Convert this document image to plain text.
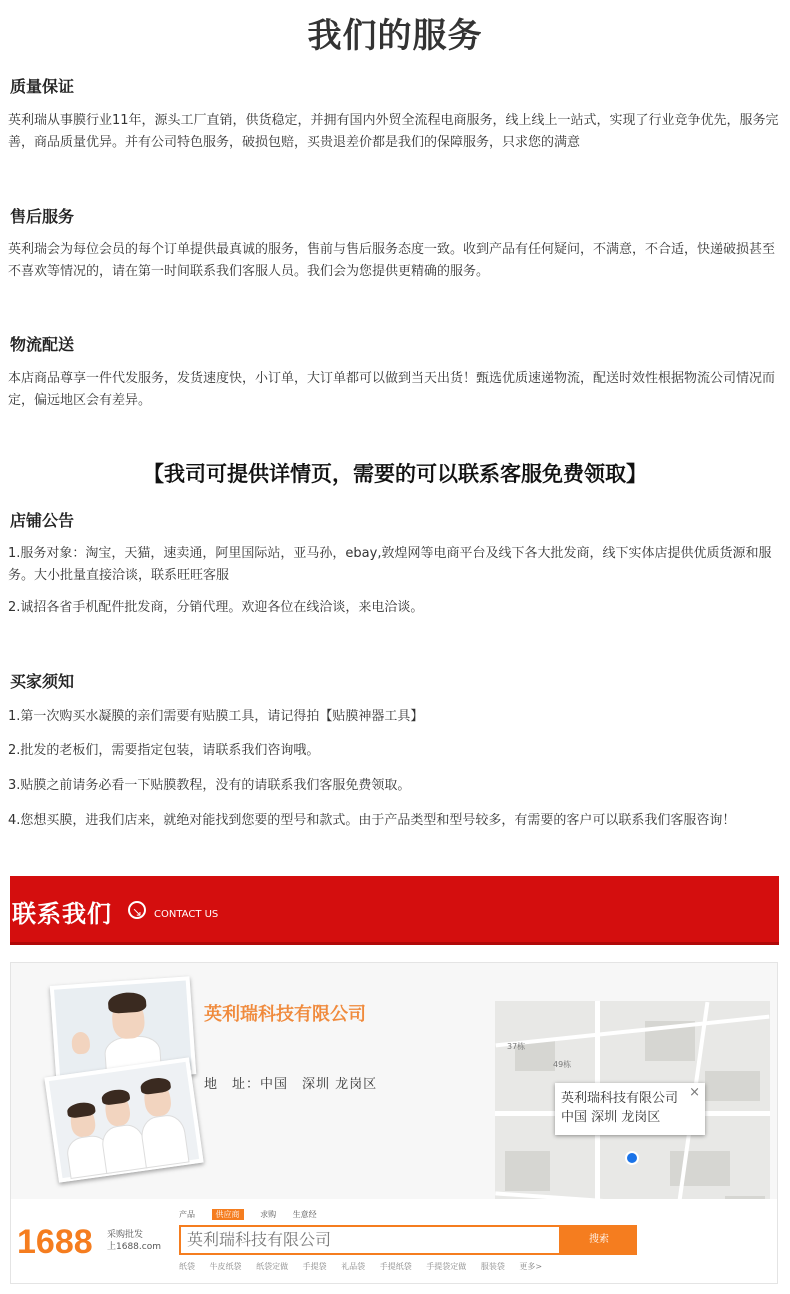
我们的服务
质量保证

英利瑞从事膜行业11年，源头工厂直销，供货稳定，并拥有国内外贸全流程电商服务，线上线上一站式，实现了行业竞争优先，服务完善，商品质量优异。并有公司特色服务，破损包赔，买贵退差价都是我们的保障服务，只求您的满意

售后服务

英利瑞会为每位会员的每个订单提供最真诚的服务，售前与售后服务态度一致。收到产品有任何疑问，不满意，不合适，快递破损甚至不喜欢等情况的，请在第一时间联系我们客服人员。我们会为您提供更精确的服务。

物流配送

本店商品尊享一件代发服务，发货速度快，小订单，大订单都可以做到当天出货！甄选优质速递物流，配送时效性根据物流公司情况而定，偏远地区会有差异。

【我司可提供详情页，需要的可以联系客服免费领取】
店铺公告

1.服务对象：淘宝，天猫，速卖通，阿里国际站，亚马孙，ebay,敦煌网等电商平台及线下各大批发商，线下实体店提供优质货源和服务。大小批量直接洽谈，联系旺旺客服

2.诚招各省手机配件批发商，分销代理。欢迎各位在线洽谈，来电洽谈。

买家须知

1.第一次购买水凝膜的亲们需要有贴膜工具，请记得拍【贴膜神器工具】

2.批发的老板们，需要指定包装，请联系我们咨询哦。

3.贴膜之前请务必看一下贴膜教程，没有的请联系我们客服免费领取。

4.您想买膜，进我们店来，就绝对能找到您要的型号和款式。由于产品类型和型号较多，有需要的客户可以联系我们客服咨询！

联系我们	↘	CONTACT US
英利瑞科技有限公司
地　址：中国　深圳 龙岗区
37栋
49栋
×
英利瑞科技有限公司
中国 深圳 龙岗区
1688 采购批发
上1688.com
产品	供应商	求购 生意经
英利瑞科技有限公司	搜索
纸袋 牛皮纸袋 纸袋定做 手提袋 礼品袋 手提纸袋 手提袋定做 服装袋 更多>
